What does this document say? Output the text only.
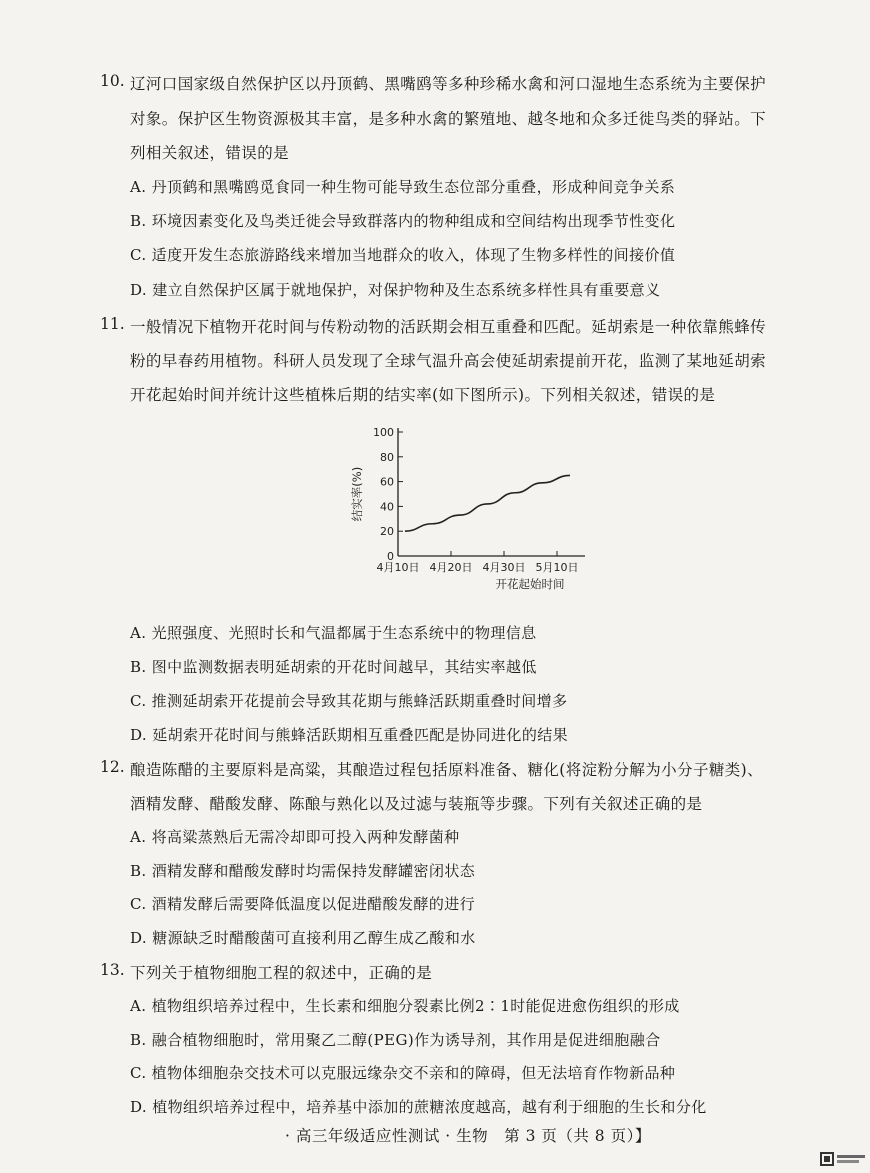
10. 辽河口国家级自然保护区以丹顶鹤、黑嘴鸥等多种珍稀水禽和河口湿地生态系统为主要保护
对象。保护区生物资源极其丰富，是多种水禽的繁殖地、越冬地和众多迁徙鸟类的驿站。下
列相关叙述，错误的是
A. 丹顶鹤和黑嘴鸥觅食同一种生物可能导致生态位部分重叠，形成种间竞争关系
B. 环境因素变化及鸟类迁徙会导致群落内的物种组成和空间结构出现季节性变化
C. 适度开发生态旅游路线来增加当地群众的收入，体现了生物多样性的间接价值
D. 建立自然保护区属于就地保护，对保护物种及生态系统多样性具有重要意义
11. 一般情况下植物开花时间与传粉动物的活跃期会相互重叠和匹配。延胡索是一种依靠熊蜂传
粉的早春药用植物。科研人员发现了全球气温升高会使延胡索提前开花，监测了某地延胡索
开花起始时间并统计这些植株后期的结实率(如下图所示)。下列相关叙述，错误的是
0
20
40
60
80
100
4月10日 4月20日 4月30日 5月10日
开花起始时间
结实率(%)
A. 光照强度、光照时长和气温都属于生态系统中的物理信息
B. 图中监测数据表明延胡索的开花时间越早，其结实率越低
C. 推测延胡索开花提前会导致其花期与熊蜂活跃期重叠时间增多
D. 延胡索开花时间与熊蜂活跃期相互重叠匹配是协同进化的结果
12. 酿造陈醋的主要原料是高粱，其酿造过程包括原料准备、糖化(将淀粉分解为小分子糖类)、
酒精发酵、醋酸发酵、陈酿与熟化以及过滤与装瓶等步骤。下列有关叙述正确的是
A. 将高粱蒸熟后无需冷却即可投入两种发酵菌种
B. 酒精发酵和醋酸发酵时均需保持发酵罐密闭状态
C. 酒精发酵后需要降低温度以促进醋酸发酵的进行
D. 糖源缺乏时醋酸菌可直接利用乙醇生成乙酸和水
13. 下列关于植物细胞工程的叙述中，正确的是
A. 植物组织培养过程中，生长素和细胞分裂素比例2∶1时能促进愈伤组织的形成
B. 融合植物细胞时，常用聚乙二醇(PEG)作为诱导剂，其作用是促进细胞融合
C. 植物体细胞杂交技术可以克服远缘杂交不亲和的障碍，但无法培育作物新品种
D. 植物组织培养过程中，培养基中添加的蔗糖浓度越高，越有利于细胞的生长和分化
· 高三年级适应性测试 · 生物　第 3 页（共 8 页）】
